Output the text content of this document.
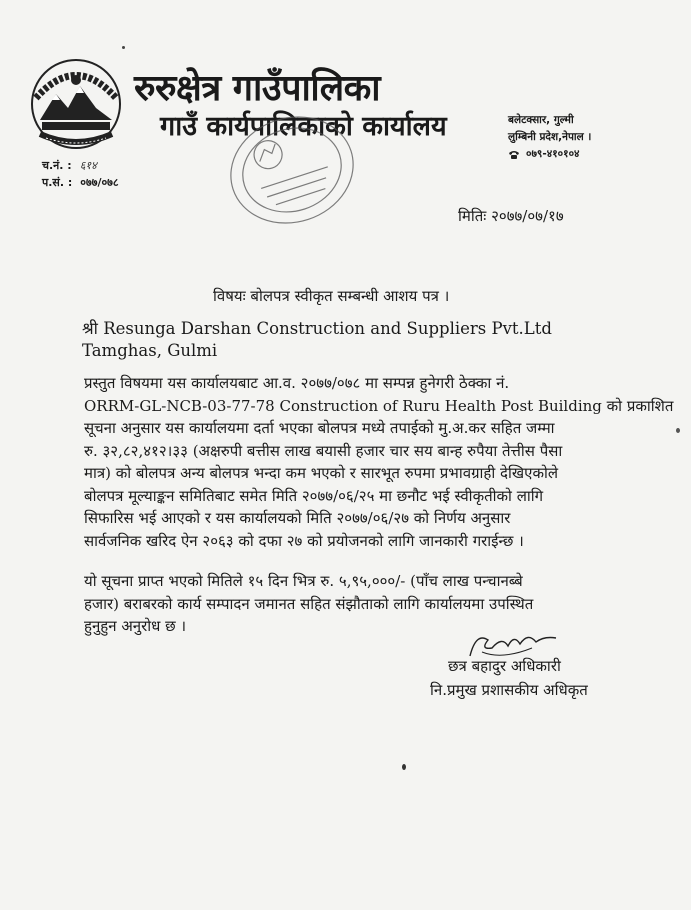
रुरुक्षेत्र गाउँपालिका
गाउँ कार्यपालिकाको कार्यालय	बलेटक्सार, गुल्मी
लुम्बिनी प्रदेश,नेपाल ।
०७९-४१०१०४
च.नं. : ६१४
प.सं. : ०७७/०७८
मितिः २०७७/०७/१७
विषयः बोलपत्र स्वीकृत सम्बन्धी आशय पत्र ।
श्री Resunga Darshan Construction and Suppliers Pvt.Ltd
Tamghas, Gulmi
प्रस्तुत विषयमा यस कार्यालयबाट आ.व. २०७७/०७८ मा सम्पन्न हुनेगरी ठेक्का नं.
ORRM-GL-NCB-03-77-78 Construction of Ruru Health Post Building को प्रकाशित
सूचना अनुसार यस कार्यालयमा दर्ता भएका बोलपत्र मध्ये तपाईको मु.अ.कर सहित जम्मा
रु. ३२,८२,४१२।३३ (अक्षरुपी बत्तीस लाख बयासी हजार चार सय बान्ह रुपैया तेत्तीस पैसा
मात्र) को बोलपत्र अन्य बोलपत्र भन्दा कम भएको र सारभूत रुपमा प्रभावग्राही देखिएकोले
बोलपत्र मूल्याङ्कन समितिबाट समेत मिति २०७७/०६/२५ मा छनौट भई स्वीकृतीको लागि
सिफारिस भई आएको र यस कार्यालयको मिति २०७७/०६/२७ को निर्णय अनुसार
सार्वजनिक खरिद ऐन २०६३ को दफा २७ को प्रयोजनको लागि जानकारी गराईन्छ ।
यो सूचना प्राप्त भएको मितिले १५ दिन भित्र रु. ५,९५,०००/- (पाँच लाख पन्चानब्बे
हजार) बराबरको कार्य सम्पादन जमानत सहित संझौताको लागि कार्यालयमा उपस्थित
हुनुहुन अनुरोध छ ।
छत्र बहादुर अधिकारी
नि.प्रमुख प्रशासकीय अधिकृत
